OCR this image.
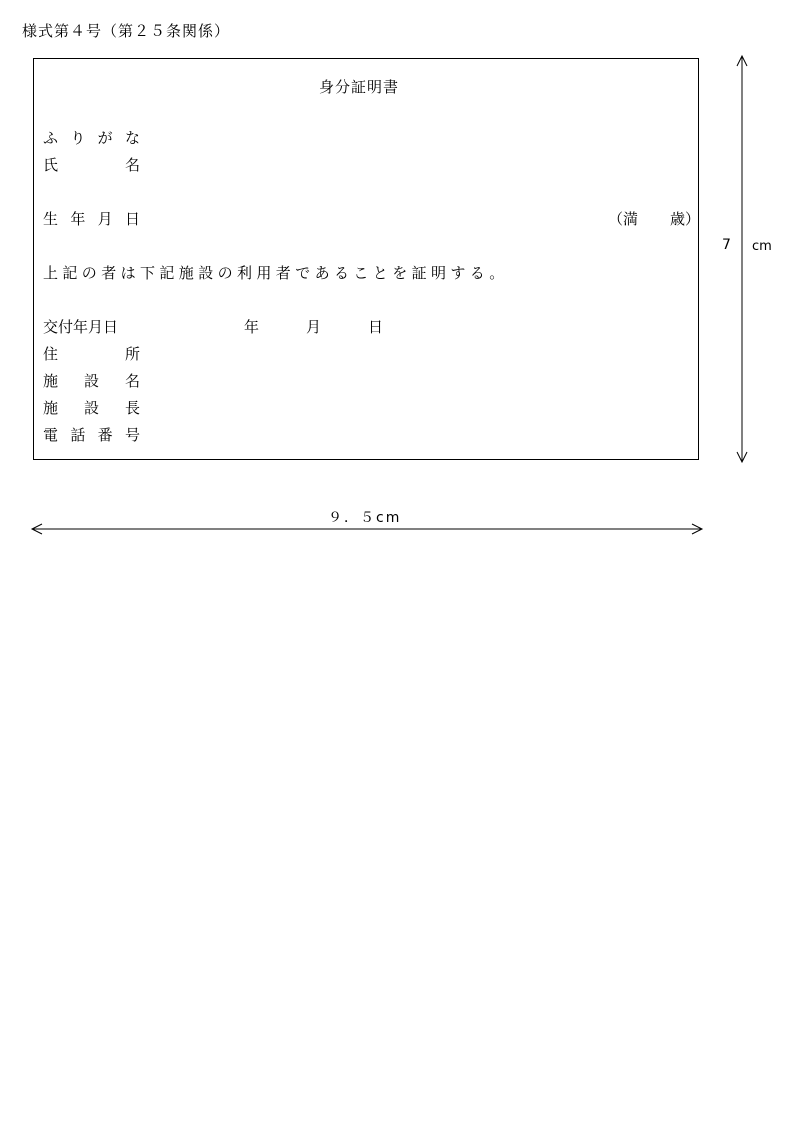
様式第４号（第２５条関係）
身分証明書
ふ り が な
氏	名
生 年 月 日	（満 歳）
上記の者は下記施設の利用者であることを証明する。
交付年月日	年	月	日
住	所
施 設 名
施 設 長
電 話 番 号
7 cm
９．５cm
